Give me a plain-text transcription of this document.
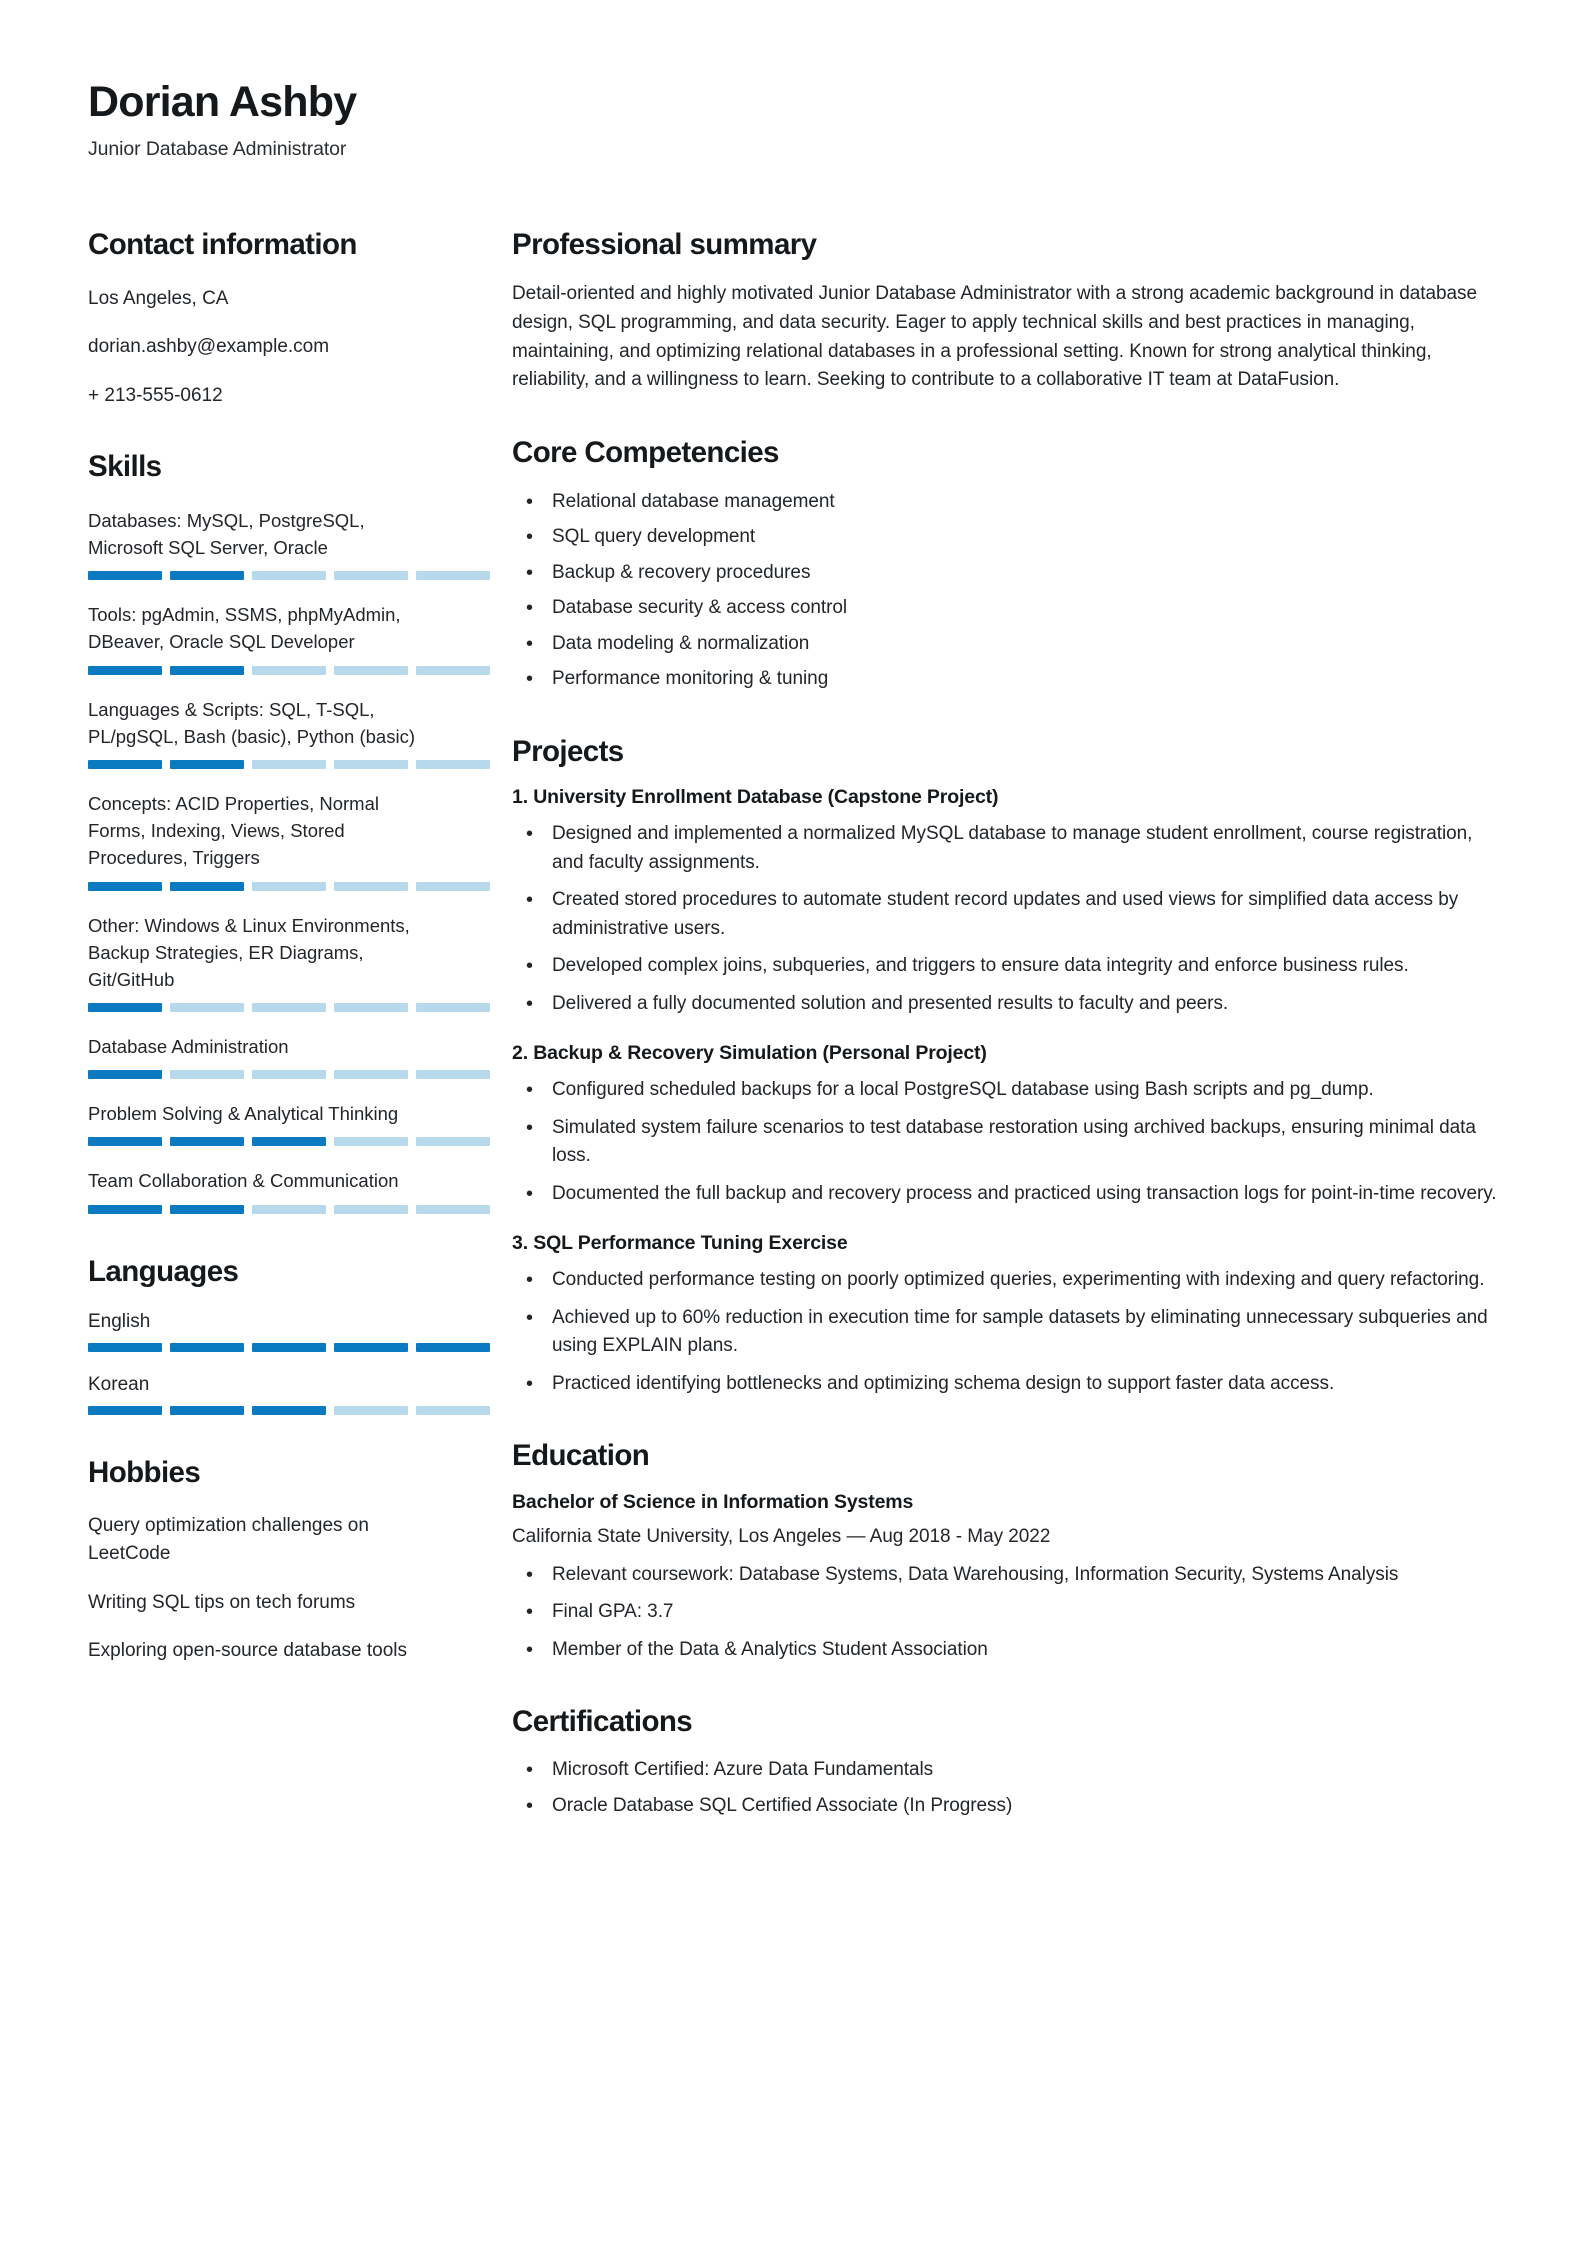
Dorian Ashby
Junior Database Administrator
Contact information
Los Angeles, CA
dorian.ashby@example.com
+ 213-555-0612
Skills
Databases: MySQL, PostgreSQL, Microsoft SQL Server, Oracle
Tools: pgAdmin, SSMS, phpMyAdmin, DBeaver, Oracle SQL Developer
Languages & Scripts: SQL, T-SQL, PL/pgSQL, Bash (basic), Python (basic)
Concepts: ACID Properties, Normal Forms, Indexing, Views, Stored Procedures, Triggers
Other: Windows & Linux Environments, Backup Strategies, ER Diagrams, Git/GitHub
Database Administration
Problem Solving & Analytical Thinking
Team Collaboration & Communication
Languages
English
Korean
Hobbies
Query optimization challenges on LeetCode
Writing SQL tips on tech forums
Exploring open-source database tools
Professional summary

Detail-oriented and highly motivated Junior Database Administrator with a strong academic background in database design, SQL programming, and data security. Eager to apply technical skills and best practices in managing, maintaining, and optimizing relational databases in a professional setting. Known for strong analytical thinking, reliability, and a willingness to learn. Seeking to contribute to a collaborative IT team at DataFusion.

Core Competencies
• Relational database management
• SQL query development
• Backup & recovery procedures
• Database security & access control
• Data modeling & normalization
• Performance monitoring & tuning
Projects
1. University Enrollment Database (Capstone Project)
• Designed and implemented a normalized MySQL database to manage student enrollment, course registration, and faculty assignments.
• Created stored procedures to automate student record updates and used views for simplified data access by administrative users.
• Developed complex joins, subqueries, and triggers to ensure data integrity and enforce business rules.
• Delivered a fully documented solution and presented results to faculty and peers.
2. Backup & Recovery Simulation (Personal Project)
• Configured scheduled backups for a local PostgreSQL database using Bash scripts and pg_dump.
• Simulated system failure scenarios to test database restoration using archived backups, ensuring minimal data loss.
• Documented the full backup and recovery process and practiced using transaction logs for point-in-time recovery.
3. SQL Performance Tuning Exercise
• Conducted performance testing on poorly optimized queries, experimenting with indexing and query refactoring.
• Achieved up to 60% reduction in execution time for sample datasets by eliminating unnecessary subqueries and using EXPLAIN plans.
• Practiced identifying bottlenecks and optimizing schema design to support faster data access.
Education
Bachelor of Science in Information Systems
California State University, Los Angeles — Aug 2018 - May 2022
• Relevant coursework: Database Systems, Data Warehousing, Information Security, Systems Analysis
• Final GPA: 3.7
• Member of the Data & Analytics Student Association
Certifications
• Microsoft Certified: Azure Data Fundamentals
• Oracle Database SQL Certified Associate (In Progress)
